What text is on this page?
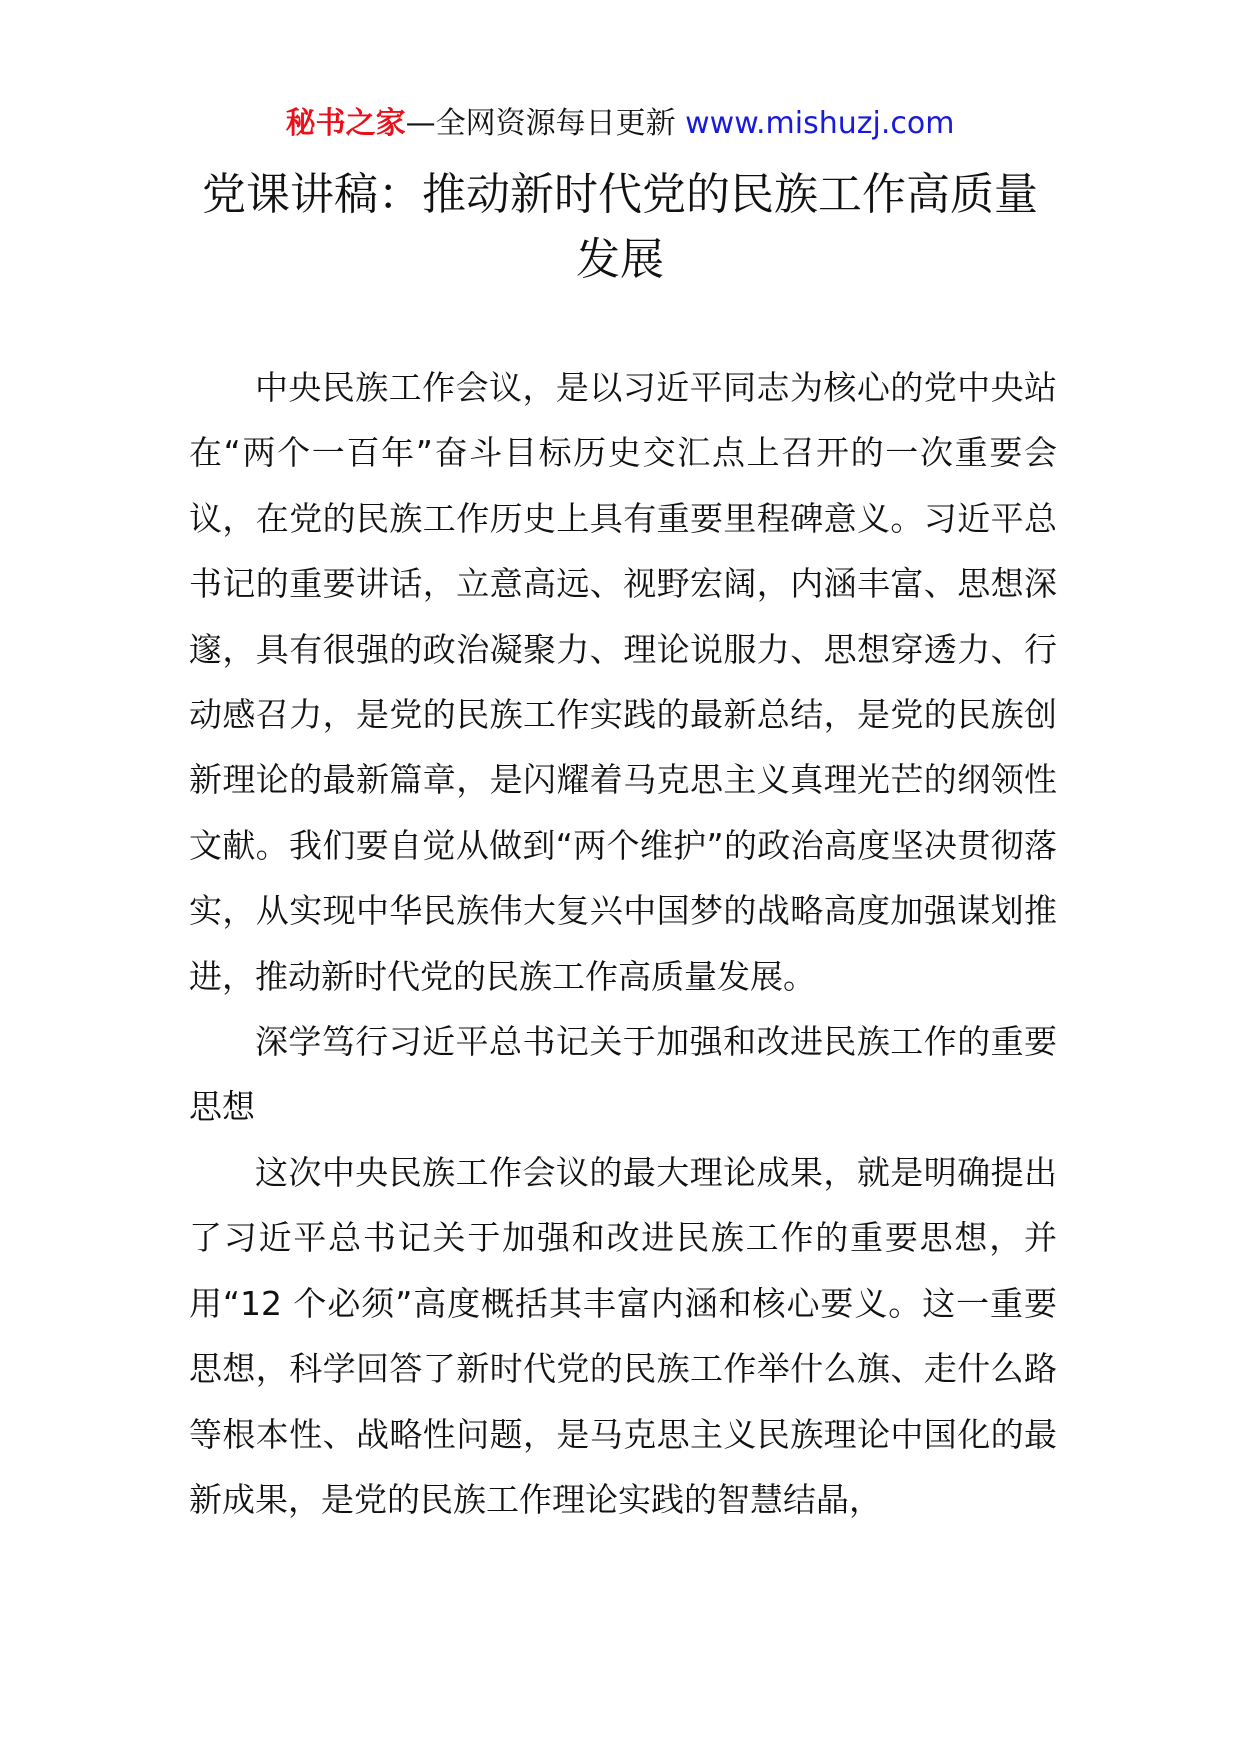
秘书之家—全网资源每日更新 www.mishuzj.com
党课讲稿：推动新时代党的民族工作高质量发展

中央民族工作会议，是以习近平同志为核心的党中央站在“两个一百年”奋斗目标历史交汇点上召开的一次重要会议，在党的民族工作历史上具有重要里程碑意义。习近平总书记的重要讲话，立意高远、视野宏阔，内涵丰富、思想深邃，具有很强的政治凝聚力、理论说服力、思想穿透力、行动感召力，是党的民族工作实践的最新总结，是党的民族创新理论的最新篇章，是闪耀着马克思主义真理光芒的纲领性文献。我们要自觉从做到“两个维护”的政治高度坚决贯彻落实，从实现中华民族伟大复兴中国梦的战略高度加强谋划推进，推动新时代党的民族工作高质量发展。

深学笃行习近平总书记关于加强和改进民族工作的重要思想

这次中央民族工作会议的最大理论成果，就是明确提出了习近平总书记关于加强和改进民族工作的重要思想，并用“12 个必须”高度概括其丰富内涵和核心要义。这一重要思想，科学回答了新时代党的民族工作举什么旗、走什么路等根本性、战略性问题，是马克思主义民族理论中国化的最新成果，是党的民族工作理论实践的智慧结晶，
